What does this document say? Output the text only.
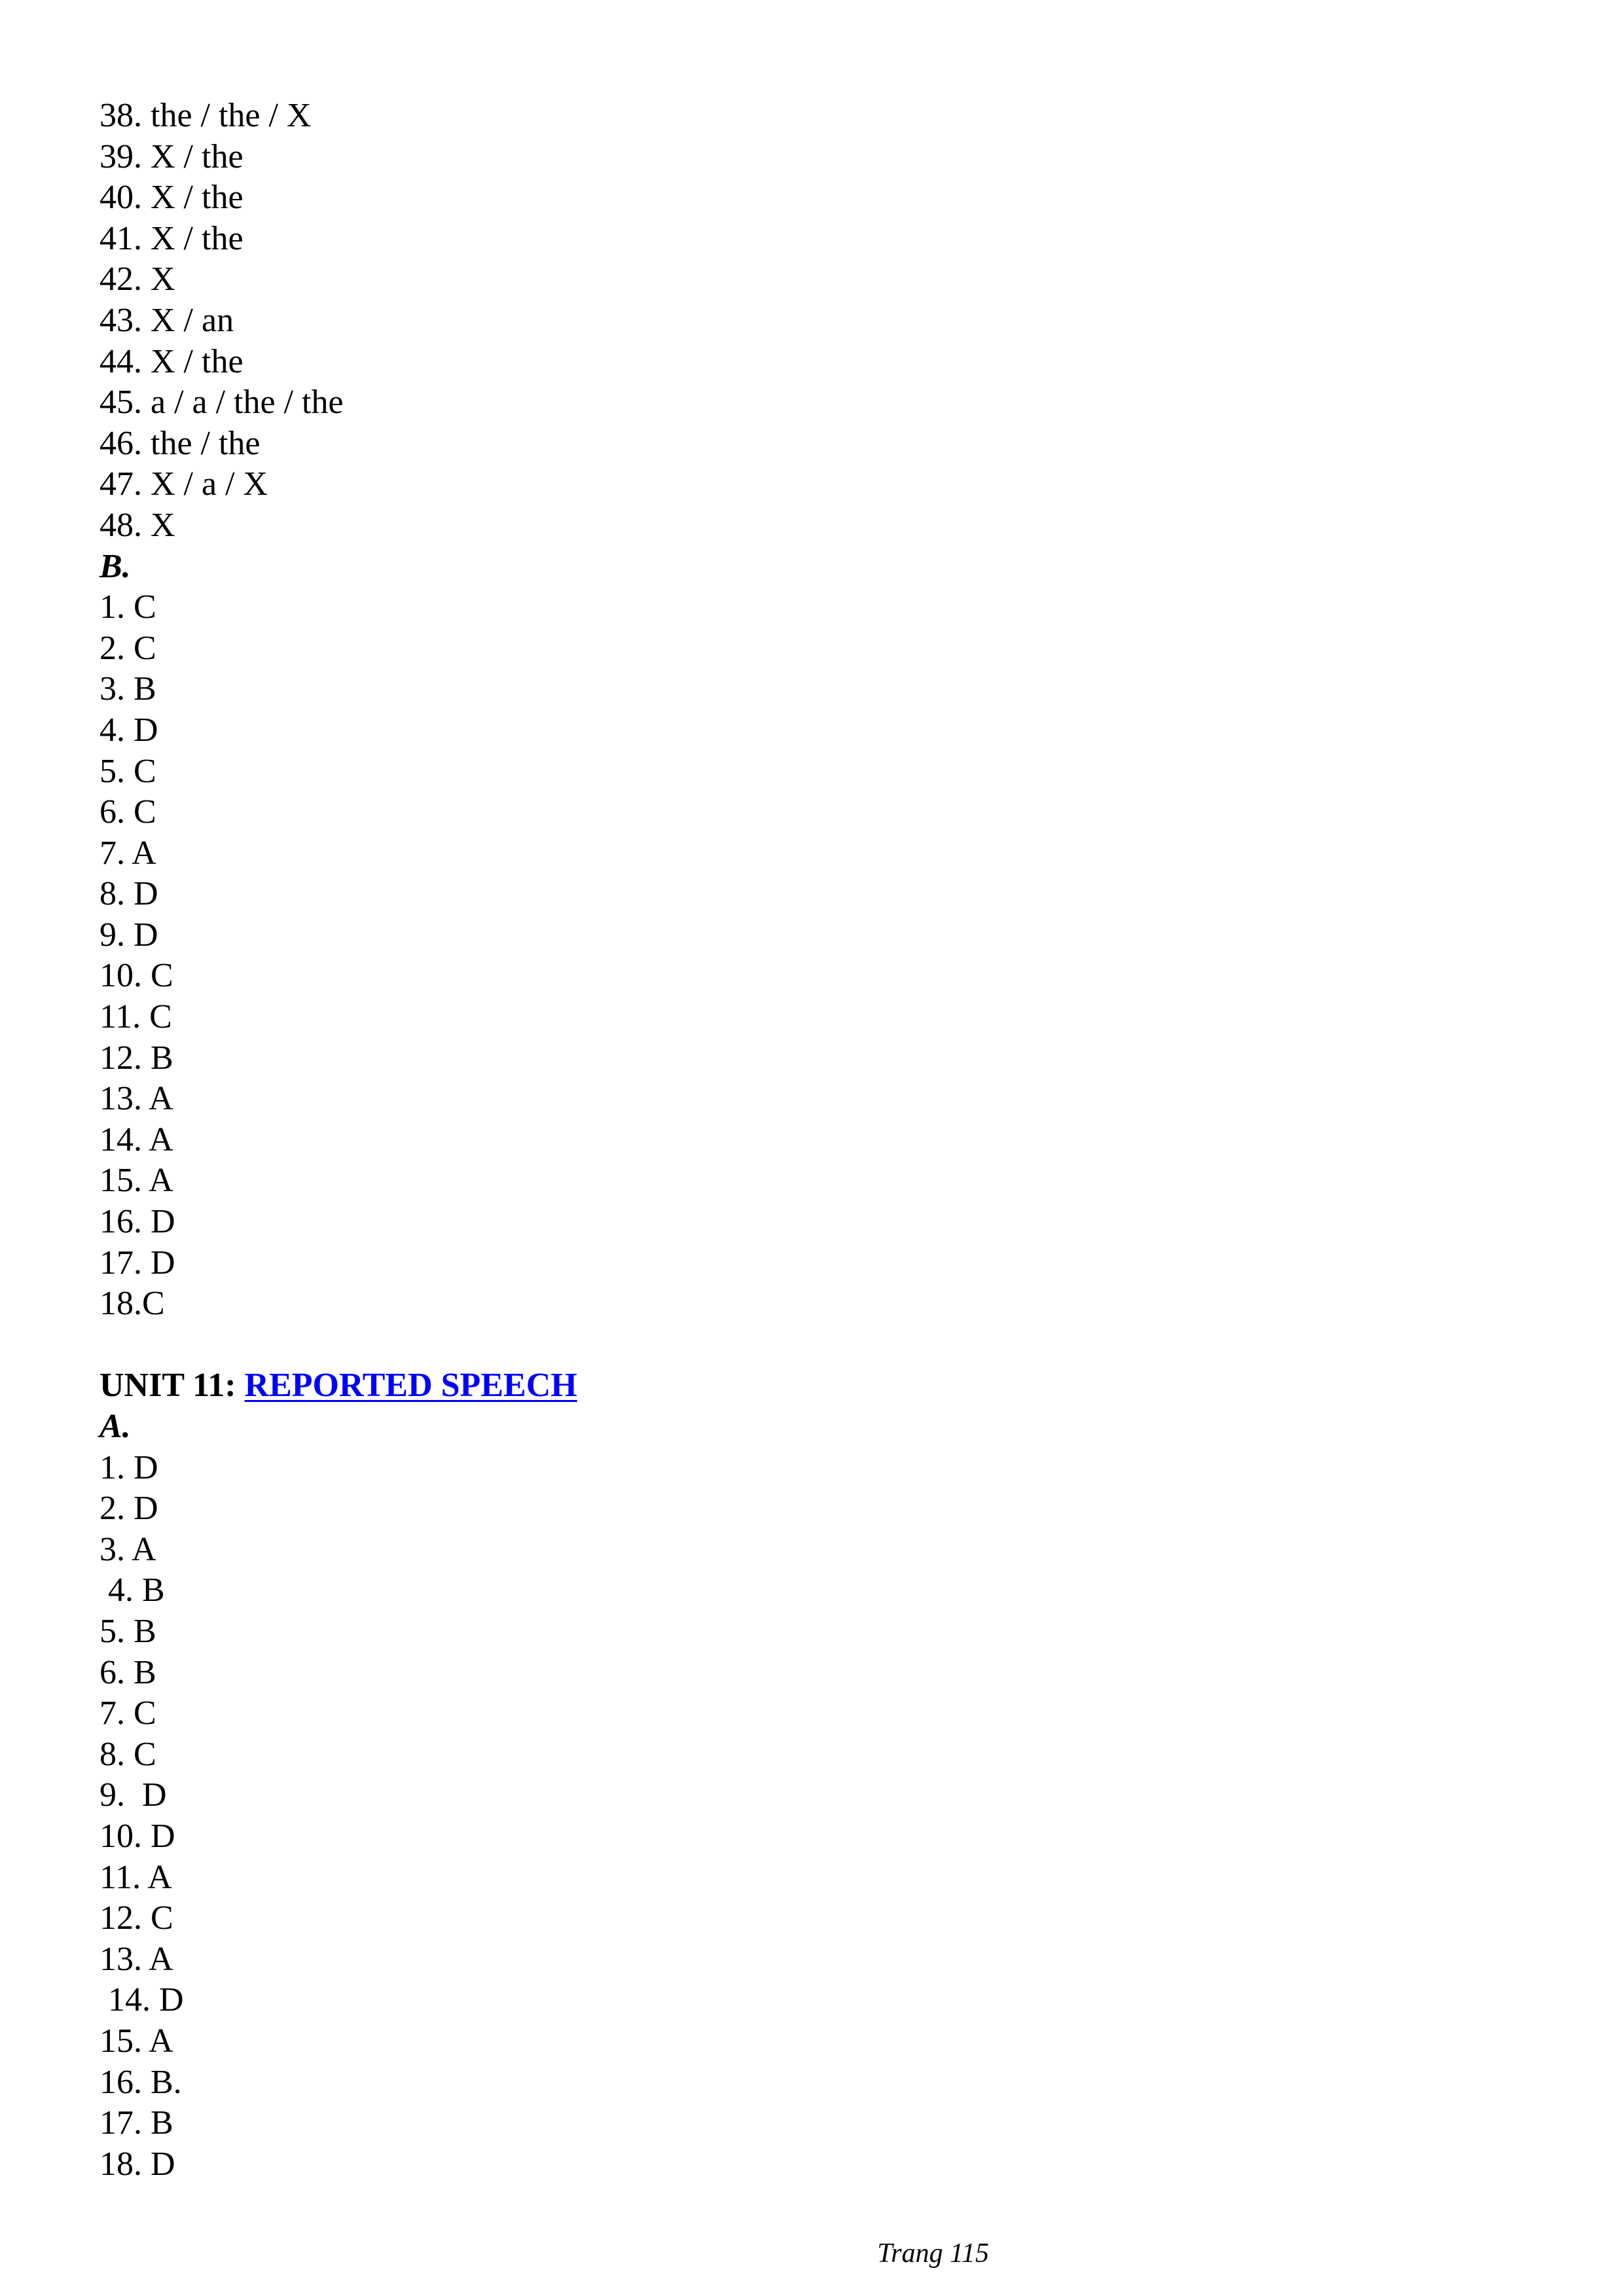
38. the / the / X
39. X / the
40. X / the
41. X / the
42. X
43. X / an
44. X / the
45. a / a / the / the
46. the / the
47. X / a / X
48. X
B.
1. C
2. C
3. B
4. D
5. C
6. C
7. A
8. D
9. D
10. C
11. C
12. B
13. A
14. A
15. A
16. D
17. D
18.C
UNIT 11: REPORTED SPEECH
A.
1. D
2. D
3. A
4. B
5. B
6. B
7. C
8. C
9.  D
10. D
11. A
12. C
13. A
14. D
15. A
16. B.
17. B
18. D
Trang 115
